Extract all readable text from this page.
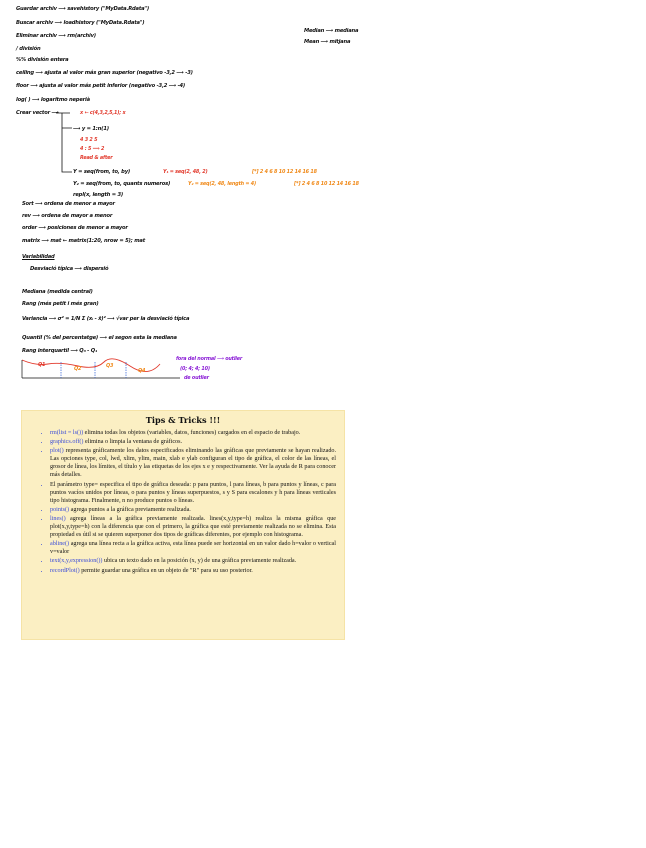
Guardar archiv ⟶ savehistory ("MyData.Rdata")
Buscar archiv ⟶ loadhistory ("MyData.Rdata")
Eliminar archiv ⟶ rm(archiv)
/ división
%% división entera
ceiling ⟶ ajusta al valor más gran superior (negativo -3,2 ⟶ -3)
floor ⟶ ajusta al valor más petit inferior (negativo -3,2 ⟶ -4)
log( ) ⟶ logaritmo neperià
Crear vector ⟶
Median ⟶ mediana
Mean ⟶ mitjana
x ← c(4,3,2,5,1); x
⟶ y = 1:n(1)
4 3 2 5
4 : 5 ⟹ 2
Read & after
Y = seq(from, to, by)	Y₁ = seq(2, 48, 2)	[*] 2 4 6 8 10 12 14 16 18
Y₂ = seq(from, to, quants numeros)	Y₂ = seq(2, 48, length = 4)	[*] 2 4 6 8 10 12 14 16 18
repl(x, length = 3)
Sort ⟶ ordena de menor a mayor
rev ⟶ ordena de mayor a menor
order ⟶ posiciones de menor a mayor
matrix ⟶ mat ← matrix(1:20, nrow = 5); mat
Variabilidad
Desviació típica ⟶ dispersió
Mediana (medida central)
Rang (més petit i més gran)
Variancia ⟶ σ² = 1/N Σ (xᵢ - x̄)² ⟶ √var per la desviació típica
Quantil (% del percentatge) ⟶ el segon esta la mediana
Rang interquartil ⟶ Q₃ - Q₁
Q1
Q2	Q3
Q4
fora del normal ⟶ outlier
(0; 4; 4; 10)
de outlier
Tips & Tricks !!!
• rm(list = ls()) elimina todas los objetos (variables, datos, funciones) cargados en el espacio de trabajo.
• graphics.off() elimina o limpia la ventana de gráficos.
• plot() representa gráficamente los datos especificados eliminando las gráficas que previamente se hayan realizado. Las opciones type, col, lwd, xlim, ylim, main, xlab e ylab configuran el tipo de gráfica, el color de las líneas, el grosor de línea, los límites, el título y las etiquetas de los ejes x e y respectivamente. Ver la ayuda de R para conocer más detalles.
• El parámetro type= especifica el tipo de gráfica deseada: p para puntos, l para líneas, b para puntos y líneas, c para puntos vacíos unidos por líneas, o para puntos y líneas superpuestos, s y S para escalones y h para líneas verticales tipo histograma. Finalmente, n no produce puntos o líneas.
• points() agrega puntos a la gráfica previamente realizada.
• lines() agrega líneas a la gráfica previamente realizada. lines(x,y,type=h) realiza la misma gráfica que plot(x,y,type=h) con la diferencia que con el primero, la gráfica que esté previamente realizada no se elimina. Esta propiedad es útil si se quieren superponer dos tipos de gráficas diferentes, por ejemplo con histograma.
• abline() agrega una línea recta a la gráfica activa, esta línea puede ser horizontal en un valor dado h=valor o vertical v=valor
• text(x,y,expression()) ubica un texto dado en la posición (x, y) de una gráfica previamente realizada.
• recordPlot() permite guardar una gráfica en un objeto de "R" para su uso posterior.
